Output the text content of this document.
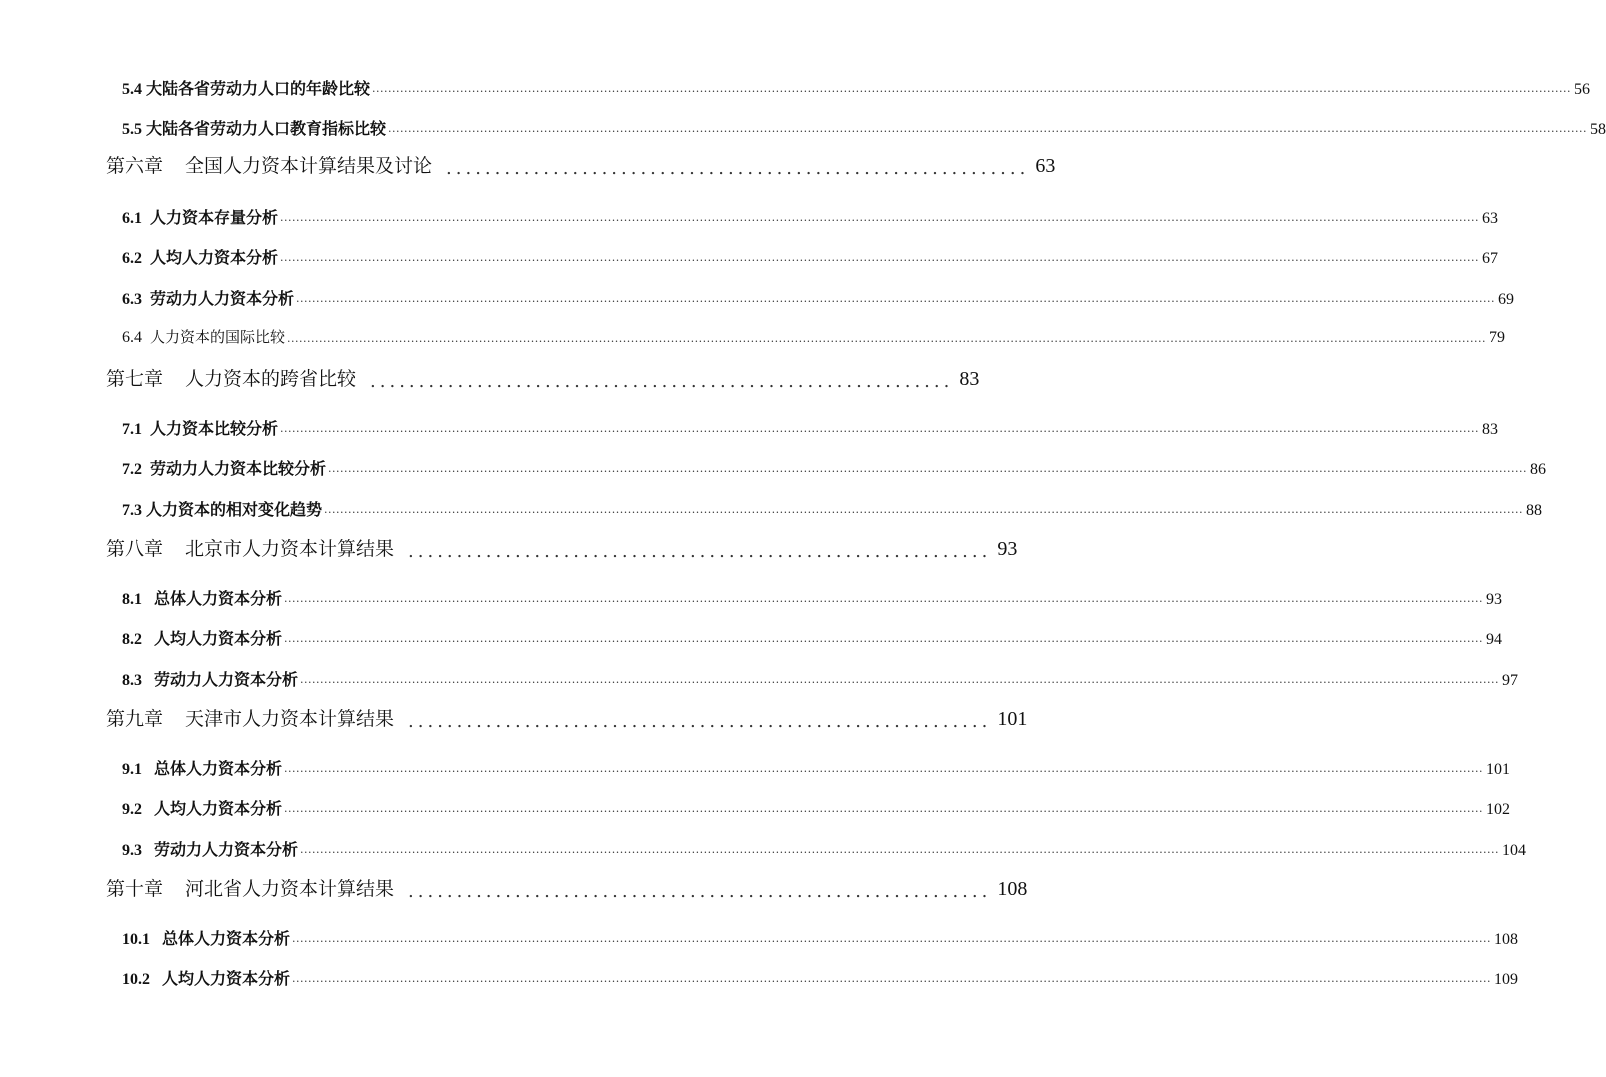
5.4 大陆各省劳动力人口的年龄比较 ............................................................................................................................................................................................................................................................................................................ 56
5.5 大陆各省劳动力人口教育指标比较 ............................................................................................................................................................................................................................................................................................................ 58
第六章 全国人力资本计算结果及讨论 ............................................................ 63
6.1 人力资本存量分析 ............................................................................................................................................................................................................................................................................................................ 63
6.2 人均人力资本分析 ............................................................................................................................................................................................................................................................................................................ 67
6.3 劳动力人力资本分析 ............................................................................................................................................................................................................................................................................................................ 69
6.4 人力资本的国际比较 ............................................................................................................................................................................................................................................................................................................ 79
第七章 人力资本的跨省比较 ............................................................ 83
7.1 人力资本比较分析 ............................................................................................................................................................................................................................................................................................................ 83
7.2 劳动力人力资本比较分析 ............................................................................................................................................................................................................................................................................................................ 86
7.3 人力资本的相对变化趋势 ............................................................................................................................................................................................................................................................................................................ 88
第八章 北京市人力资本计算结果 ............................................................ 93
8.1 总体人力资本分析 ............................................................................................................................................................................................................................................................................................................ 93
8.2 人均人力资本分析 ............................................................................................................................................................................................................................................................................................................ 94
8.3 劳动力人力资本分析 ............................................................................................................................................................................................................................................................................................................ 97
第九章 天津市人力资本计算结果 ............................................................ 101
9.1 总体人力资本分析 ............................................................................................................................................................................................................................................................................................................ 101
9.2 人均人力资本分析 ............................................................................................................................................................................................................................................................................................................ 102
9.3 劳动力人力资本分析 ............................................................................................................................................................................................................................................................................................................ 104
第十章 河北省人力资本计算结果 ............................................................ 108
10.1 总体人力资本分析 ............................................................................................................................................................................................................................................................................................................ 108
10.2 人均人力资本分析 ............................................................................................................................................................................................................................................................................................................ 109
